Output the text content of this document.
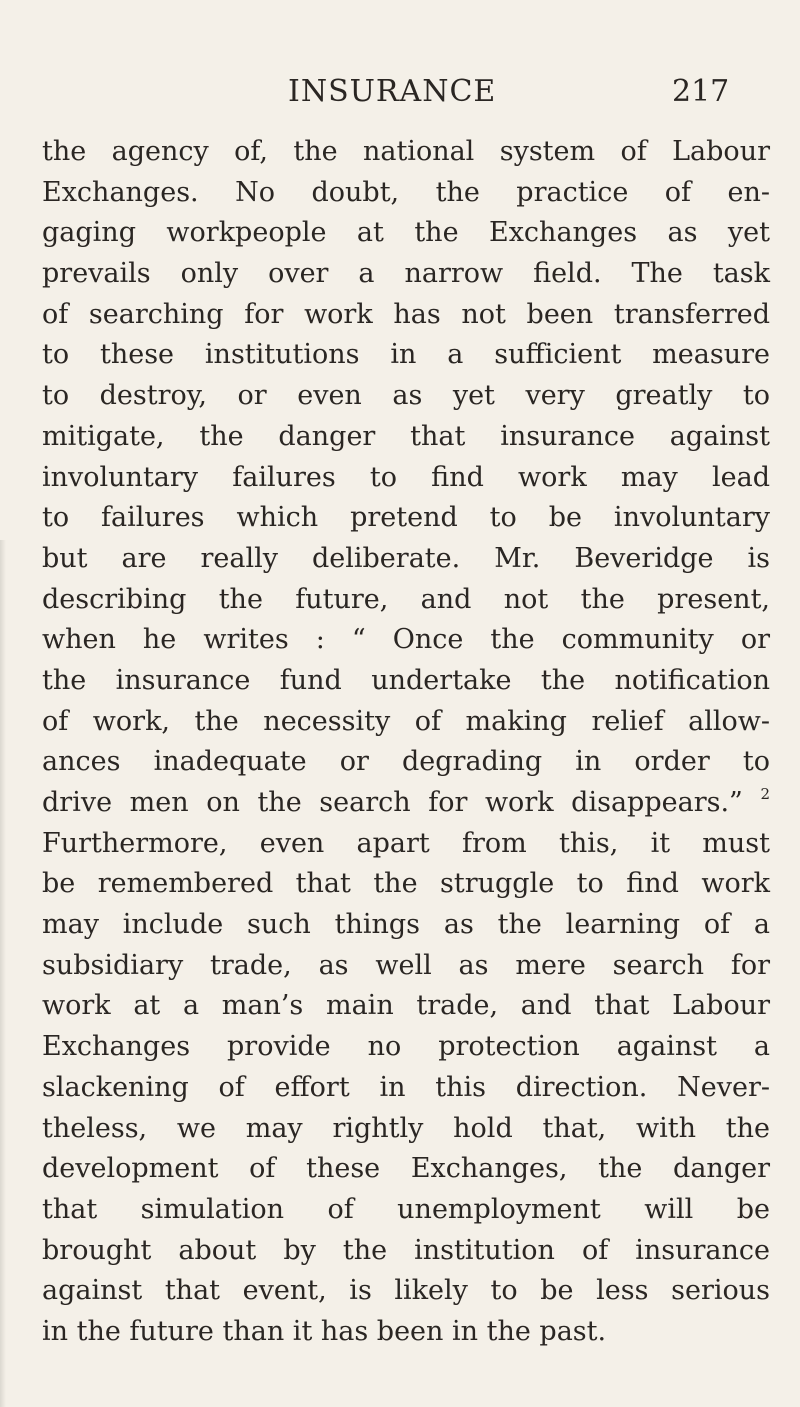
INSURANCE	217
the agency of, the national system of Labour
Exchanges. No doubt, the practice of en-
gaging workpeople at the Exchanges as yet
prevails only over a narrow field. The task
of searching for work has not been transferred
to these institutions in a sufficient measure
to destroy, or even as yet very greatly to
mitigate, the danger that insurance against
involuntary failures to find work may lead
to failures which pretend to be involuntary
but are really deliberate. Mr. Beveridge is
describing the future, and not the present,
when he writes : “ Once the community or
the insurance fund undertake the notification
of work, the necessity of making relief allow-
ances inadequate or degrading in order to
drive men on the search for work disappears.” $^2$
Furthermore, even apart from this, it must
be remembered that the struggle to find work
may include such things as the learning of a
subsidiary trade, as well as mere search for
work at a man’s main trade, and that Labour
Exchanges provide no protection against a
slackening of effort in this direction. Never-
theless, we may rightly hold that, with the
development of these Exchanges, the danger
that simulation of unemployment will be
brought about by the institution of insurance
against that event, is likely to be less serious
in the future than it has been in the past.
